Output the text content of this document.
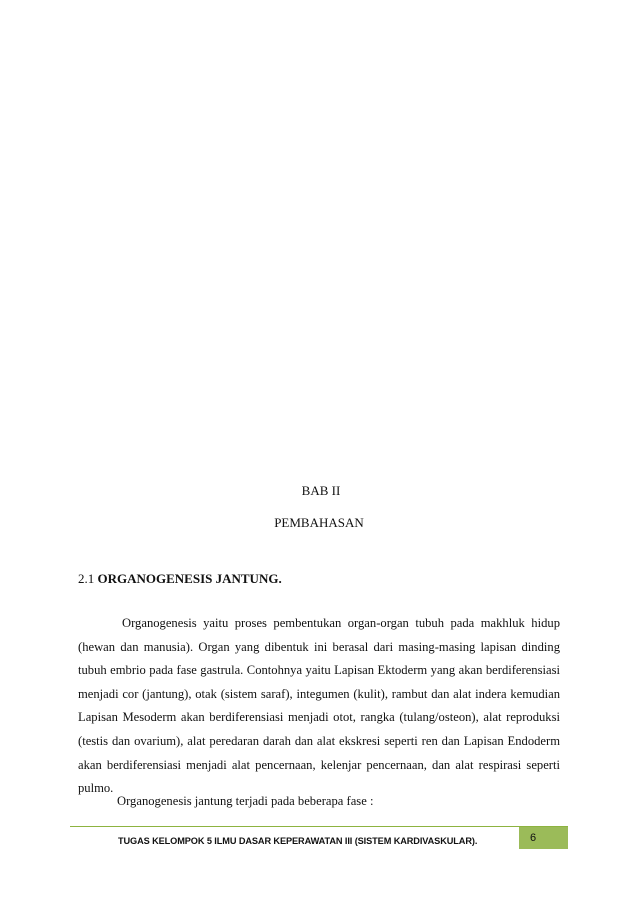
BAB II
PEMBAHASAN
2.1 ORGANOGENESIS JANTUNG.

Organogenesis yaitu proses pembentukan organ-organ tubuh pada makhluk hidup (hewan dan manusia). Organ yang dibentuk ini berasal dari masing-masing lapisan dinding tubuh embrio pada fase gastrula. Contohnya yaitu Lapisan Ektoderm yang akan berdiferensiasi menjadi cor (jantung), otak (sistem saraf), integumen (kulit), rambut dan alat indera kemudian Lapisan Mesoderm akan berdiferensiasi menjadi otot, rangka (tulang/osteon), alat reproduksi (testis dan ovarium), alat peredaran darah dan alat ekskresi seperti ren dan Lapisan Endoderm akan berdiferensiasi menjadi alat pencernaan, kelenjar pencernaan, dan alat respirasi seperti pulmo.

Organogenesis jantung terjadi pada beberapa fase :

TUGAS KELOMPOK 5 ILMU DASAR KEPERAWATAN III (SISTEM KARDIVASKULAR).	6
